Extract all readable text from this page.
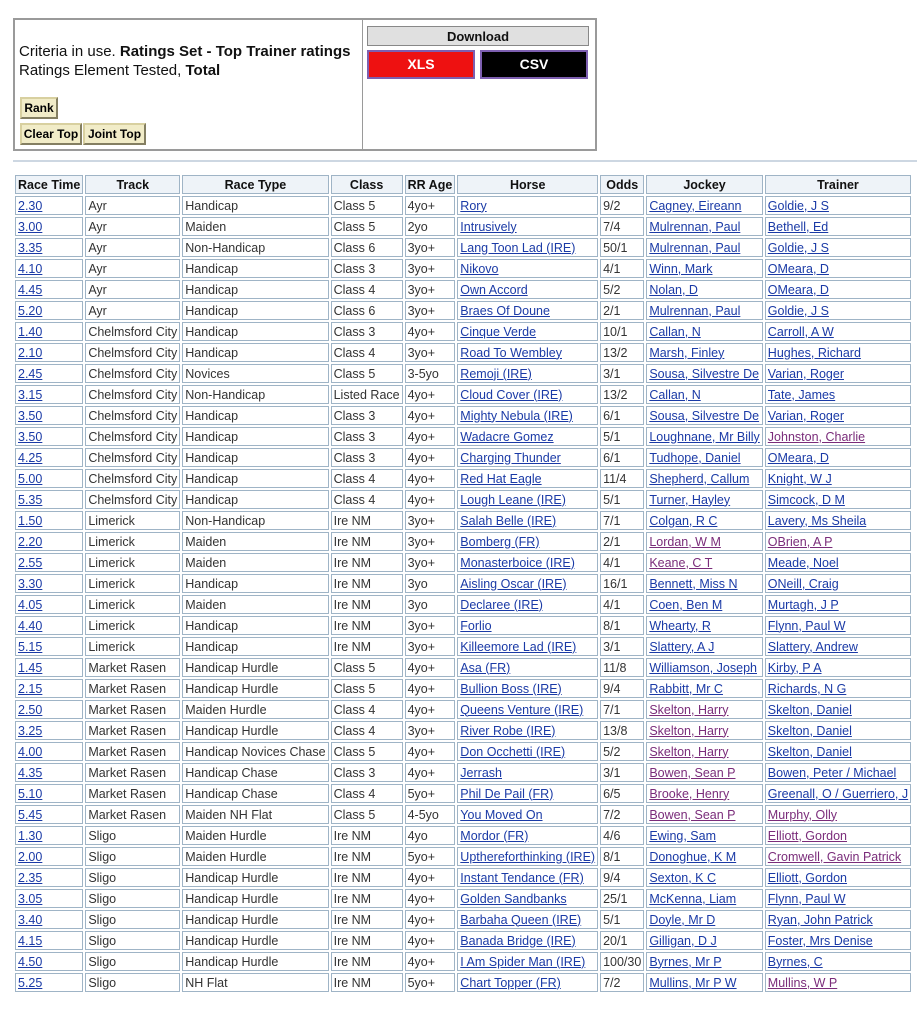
Criteria in use. Ratings Set - Top Trainer ratings
Ratings Element Tested, Total
Rank
Clear Top Joint Top
Download
XLS	CSV
Race Time	Track	Race Type	Class	RR Age	Horse	Odds	Jockey	Trainer
2.30	Ayr	Handicap	Class 5	4yo+	Rory	9/2	Cagney, Eireann	Goldie, J S
3.00	Ayr	Maiden	Class 5	2yo	Intrusively	7/4	Mulrennan, Paul	Bethell, Ed
3.35	Ayr	Non-Handicap	Class 6	3yo+	Lang Toon Lad (IRE)	50/1	Mulrennan, Paul	Goldie, J S
4.10	Ayr	Handicap	Class 3	3yo+	Nikovo	4/1	Winn, Mark	OMeara, D
4.45	Ayr	Handicap	Class 4	3yo+	Own Accord	5/2	Nolan, D	OMeara, D
5.20	Ayr	Handicap	Class 6	3yo+	Braes Of Doune	2/1	Mulrennan, Paul	Goldie, J S
1.40	Chelmsford City	Handicap	Class 3	4yo+	Cinque Verde	10/1	Callan, N	Carroll, A W
2.10	Chelmsford City	Handicap	Class 4	3yo+	Road To Wembley	13/2	Marsh, Finley	Hughes, Richard
2.45	Chelmsford City	Novices	Class 5	3-5yo	Remoji (IRE)	3/1	Sousa, Silvestre De	Varian, Roger
3.15	Chelmsford City	Non-Handicap	Listed Race	4yo+	Cloud Cover (IRE)	13/2	Callan, N	Tate, James
3.50	Chelmsford City	Handicap	Class 3	4yo+	Mighty Nebula (IRE)	6/1	Sousa, Silvestre De	Varian, Roger
3.50	Chelmsford City	Handicap	Class 3	4yo+	Wadacre Gomez	5/1	Loughnane, Mr Billy	Johnston, Charlie
4.25	Chelmsford City	Handicap	Class 3	4yo+	Charging Thunder	6/1	Tudhope, Daniel	OMeara, D
5.00	Chelmsford City	Handicap	Class 4	4yo+	Red Hat Eagle	11/4	Shepherd, Callum	Knight, W J
5.35	Chelmsford City	Handicap	Class 4	4yo+	Lough Leane (IRE)	5/1	Turner, Hayley	Simcock, D M
1.50	Limerick	Non-Handicap	Ire NM	3yo+	Salah Belle (IRE)	7/1	Colgan, R C	Lavery, Ms Sheila
2.20	Limerick	Maiden	Ire NM	3yo+	Bomberg (FR)	2/1	Lordan, W M	OBrien, A P
2.55	Limerick	Maiden	Ire NM	3yo+	Monasterboice (IRE)	4/1	Keane, C T	Meade, Noel
3.30	Limerick	Handicap	Ire NM	3yo	Aisling Oscar (IRE)	16/1	Bennett, Miss N	ONeill, Craig
4.05	Limerick	Maiden	Ire NM	3yo	Declaree (IRE)	4/1	Coen, Ben M	Murtagh, J P
4.40	Limerick	Handicap	Ire NM	3yo+	Forlio	8/1	Whearty, R	Flynn, Paul W
5.15	Limerick	Handicap	Ire NM	3yo+	Killeemore Lad (IRE)	3/1	Slattery, A J	Slattery, Andrew
1.45	Market Rasen	Handicap Hurdle	Class 5	4yo+	Asa (FR)	11/8	Williamson, Joseph	Kirby, P A
2.15	Market Rasen	Handicap Hurdle	Class 5	4yo+	Bullion Boss (IRE)	9/4	Rabbitt, Mr C	Richards, N G
2.50	Market Rasen	Maiden Hurdle	Class 4	4yo+	Queens Venture (IRE)	7/1	Skelton, Harry	Skelton, Daniel
3.25	Market Rasen	Handicap Hurdle	Class 4	3yo+	River Robe (IRE)	13/8	Skelton, Harry	Skelton, Daniel
4.00	Market Rasen	Handicap Novices Chase	Class 5	4yo+	Don Occhetti (IRE)	5/2	Skelton, Harry	Skelton, Daniel
4.35	Market Rasen	Handicap Chase	Class 3	4yo+	Jerrash	3/1	Bowen, Sean P	Bowen, Peter / Michael
5.10	Market Rasen	Handicap Chase	Class 4	5yo+	Phil De Pail (FR)	6/5	Brooke, Henry	Greenall, O / Guerriero, J
5.45	Market Rasen	Maiden NH Flat	Class 5	4-5yo	You Moved On	7/2	Bowen, Sean P	Murphy, Olly
1.30	Sligo	Maiden Hurdle	Ire NM	4yo	Mordor (FR)	4/6	Ewing, Sam	Elliott, Gordon
2.00	Sligo	Maiden Hurdle	Ire NM	5yo+	Upthereforthinking (IRE)	8/1	Donoghue, K M	Cromwell, Gavin Patrick
2.35	Sligo	Handicap Hurdle	Ire NM	4yo+	Instant Tendance (FR)	9/4	Sexton, K C	Elliott, Gordon
3.05	Sligo	Handicap Hurdle	Ire NM	4yo+	Golden Sandbanks	25/1	McKenna, Liam	Flynn, Paul W
3.40	Sligo	Handicap Hurdle	Ire NM	4yo+	Barbaha Queen (IRE)	5/1	Doyle, Mr D	Ryan, John Patrick
4.15	Sligo	Handicap Hurdle	Ire NM	4yo+	Banada Bridge (IRE)	20/1	Gilligan, D J	Foster, Mrs Denise
4.50	Sligo	Handicap Hurdle	Ire NM	4yo+	I Am Spider Man (IRE)	100/30	Byrnes, Mr P	Byrnes, C
5.25	Sligo	NH Flat	Ire NM	5yo+	Chart Topper (FR)	7/2	Mullins, Mr P W	Mullins, W P
